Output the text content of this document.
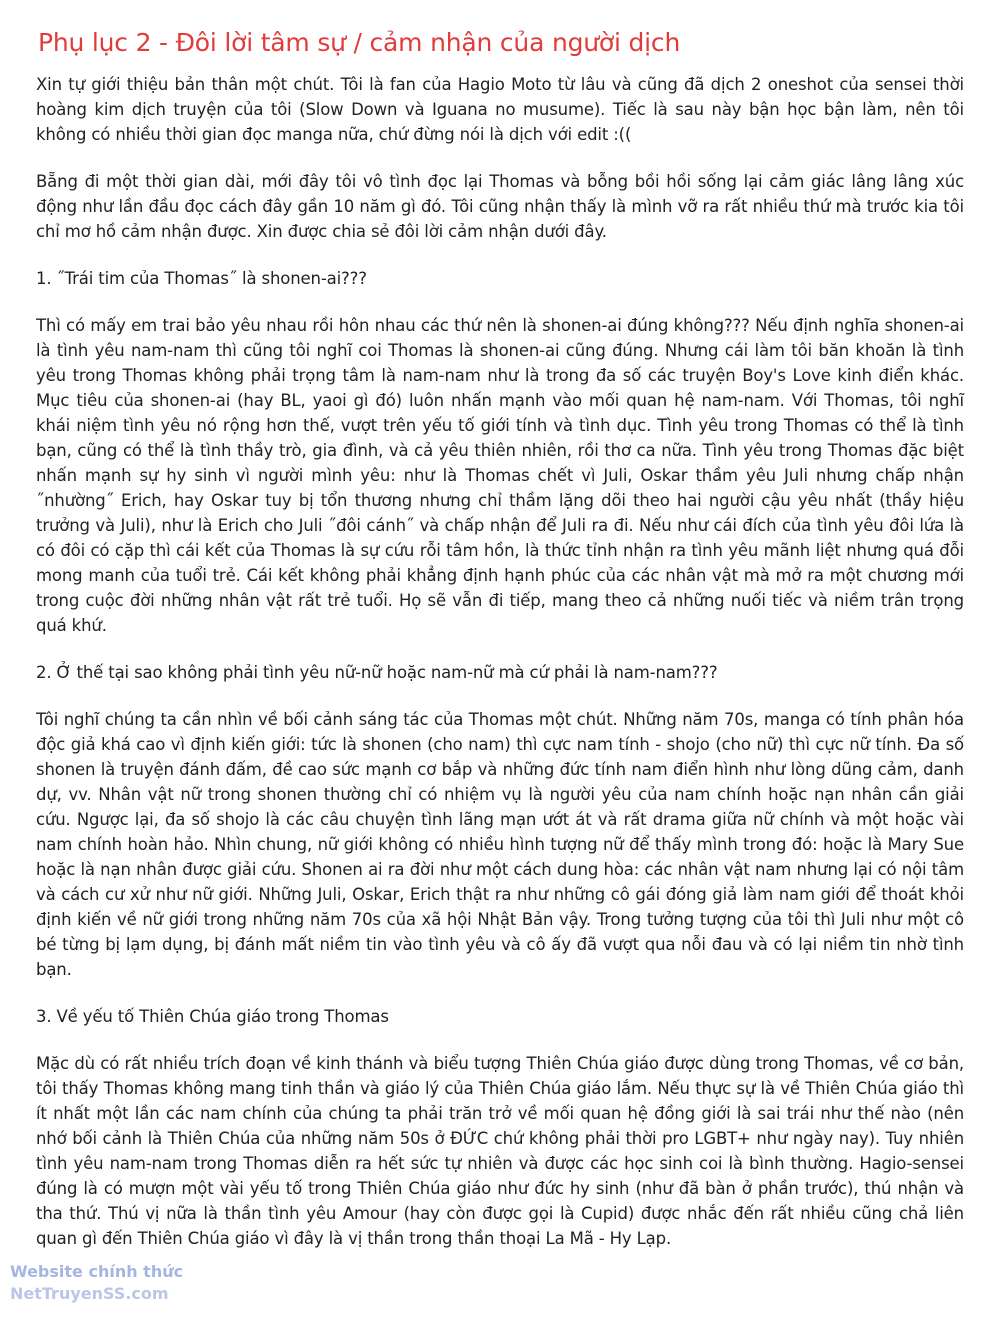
Phụ lục 2 - Đôi lời tâm sự / cảm nhận của người dịch

Xin tự giới thiệu bản thân một chút. Tôi là fan của Hagio Moto từ lâu và cũng đã dịch 2 oneshot của sensei thời hoàng kim dịch truyện của tôi (Slow Down và Iguana no musume). Tiếc là sau này bận học bận làm, nên tôi không có nhiều thời gian đọc manga nữa, chứ đừng nói là dịch với edit :((

Bẵng đi một thời gian dài, mới đây tôi vô tình đọc lại Thomas và bỗng bồi hồi sống lại cảm giác lâng lâng xúc động như lần đầu đọc cách đây gần 10 năm gì đó. Tôi cũng nhận thấy là mình vỡ ra rất nhiều thứ mà trước kia tôi chỉ mơ hồ cảm nhận được. Xin được chia sẻ đôi lời cảm nhận dưới đây.

1. ˝Trái tim của Thomas˝ là shonen-ai???

Thì có mấy em trai bảo yêu nhau rồi hôn nhau các thứ nên là shonen-ai đúng không??? Nếu định nghĩa shonen-ai là tình yêu nam-nam thì cũng tôi nghĩ coi Thomas là shonen-ai cũng đúng. Nhưng cái làm tôi băn khoăn là tình yêu trong Thomas không phải trọng tâm là nam-nam như là trong đa số các truyện Boy's Love kinh điển khác. Mục tiêu của shonen-ai (hay BL, yaoi gì đó) luôn nhấn mạnh vào mối quan hệ nam-nam. Với Thomas, tôi nghĩ khái niệm tình yêu nó rộng hơn thế, vượt trên yếu tố giới tính và tình dục. Tình yêu trong Thomas có thể là tình bạn, cũng có thể là tình thầy trò, gia đình, và cả yêu thiên nhiên, rồi thơ ca nữa. Tình yêu trong Thomas đặc biệt nhấn mạnh sự hy sinh vì người mình yêu: như là Thomas chết vì Juli, Oskar thầm yêu Juli nhưng chấp nhận ˝nhường˝ Erich, hay Oskar tuy bị tổn thương nhưng chỉ thầm lặng dõi theo hai người cậu yêu nhất (thầy hiệu trưởng và Juli), như là Erich cho Juli ˝đôi cánh˝ và chấp nhận để Juli ra đi. Nếu như cái đích của tình yêu đôi lứa là có đôi có cặp thì cái kết của Thomas là sự cứu rỗi tâm hồn, là thức tỉnh nhận ra tình yêu mãnh liệt nhưng quá đỗi mong manh của tuổi trẻ. Cái kết không phải khẳng định hạnh phúc của các nhân vật mà mở ra một chương mới trong cuộc đời những nhân vật rất trẻ tuổi. Họ sẽ vẫn đi tiếp, mang theo cả những nuối tiếc và niềm trân trọng quá khứ.

2. Ở thế tại sao không phải tình yêu nữ-nữ hoặc nam-nữ mà cứ phải là nam-nam???

Tôi nghĩ chúng ta cần nhìn về bối cảnh sáng tác của Thomas một chút. Những năm 70s, manga có tính phân hóa độc giả khá cao vì định kiến giới: tức là shonen (cho nam) thì cực nam tính - shojo (cho nữ) thì cực nữ tính. Đa số shonen là truyện đánh đấm, đề cao sức mạnh cơ bắp và những đức tính nam điển hình như lòng dũng cảm, danh dự, vv. Nhân vật nữ trong shonen thường chỉ có nhiệm vụ là người yêu của nam chính hoặc nạn nhân cần giải cứu. Ngược lại, đa số shojo là các câu chuyện tình lãng mạn ướt át và rất drama giữa nữ chính và một hoặc vài nam chính hoàn hảo. Nhìn chung, nữ giới không có nhiều hình tượng nữ để thấy mình trong đó: hoặc là Mary Sue hoặc là nạn nhân được giải cứu. Shonen ai ra đời như một cách dung hòa: các nhân vật nam nhưng lại có nội tâm và cách cư xử như nữ giới. Những Juli, Oskar, Erich thật ra như những cô gái đóng giả làm nam giới để thoát khỏi định kiến về nữ giới trong những năm 70s của xã hội Nhật Bản vậy. Trong tưởng tượng của tôi thì Juli như một cô bé từng bị lạm dụng, bị đánh mất niềm tin vào tình yêu và cô ấy đã vượt qua nỗi đau và có lại niềm tin nhờ tình bạn.

3. Về yếu tố Thiên Chúa giáo trong Thomas

Mặc dù có rất nhiều trích đoạn về kinh thánh và biểu tượng Thiên Chúa giáo được dùng trong Thomas, về cơ bản, tôi thấy Thomas không mang tinh thần và giáo lý của Thiên Chúa giáo lắm. Nếu thực sự là về Thiên Chúa giáo thì ít nhất một lần các nam chính của chúng ta phải trăn trở về mối quan hệ đồng giới là sai trái như thế nào (nên nhớ bối cảnh là Thiên Chúa của những năm 50s ở ĐỨC chứ không phải thời pro LGBT+ như ngày nay). Tuy nhiên tình yêu nam-nam trong Thomas diễn ra hết sức tự nhiên và được các học sinh coi là bình thường. Hagio-sensei đúng là có mượn một vài yếu tố trong Thiên Chúa giáo như đức hy sinh (như đã bàn ở phần trước), thú nhận và tha thứ. Thú vị nữa là thần tình yêu Amour (hay còn được gọi là Cupid) được nhắc đến rất nhiều cũng chả liên quan gì đến Thiên Chúa giáo vì đây là vị thần trong thần thoại La Mã - Hy Lạp.

Website chính thức
NetTruyenSS.com
